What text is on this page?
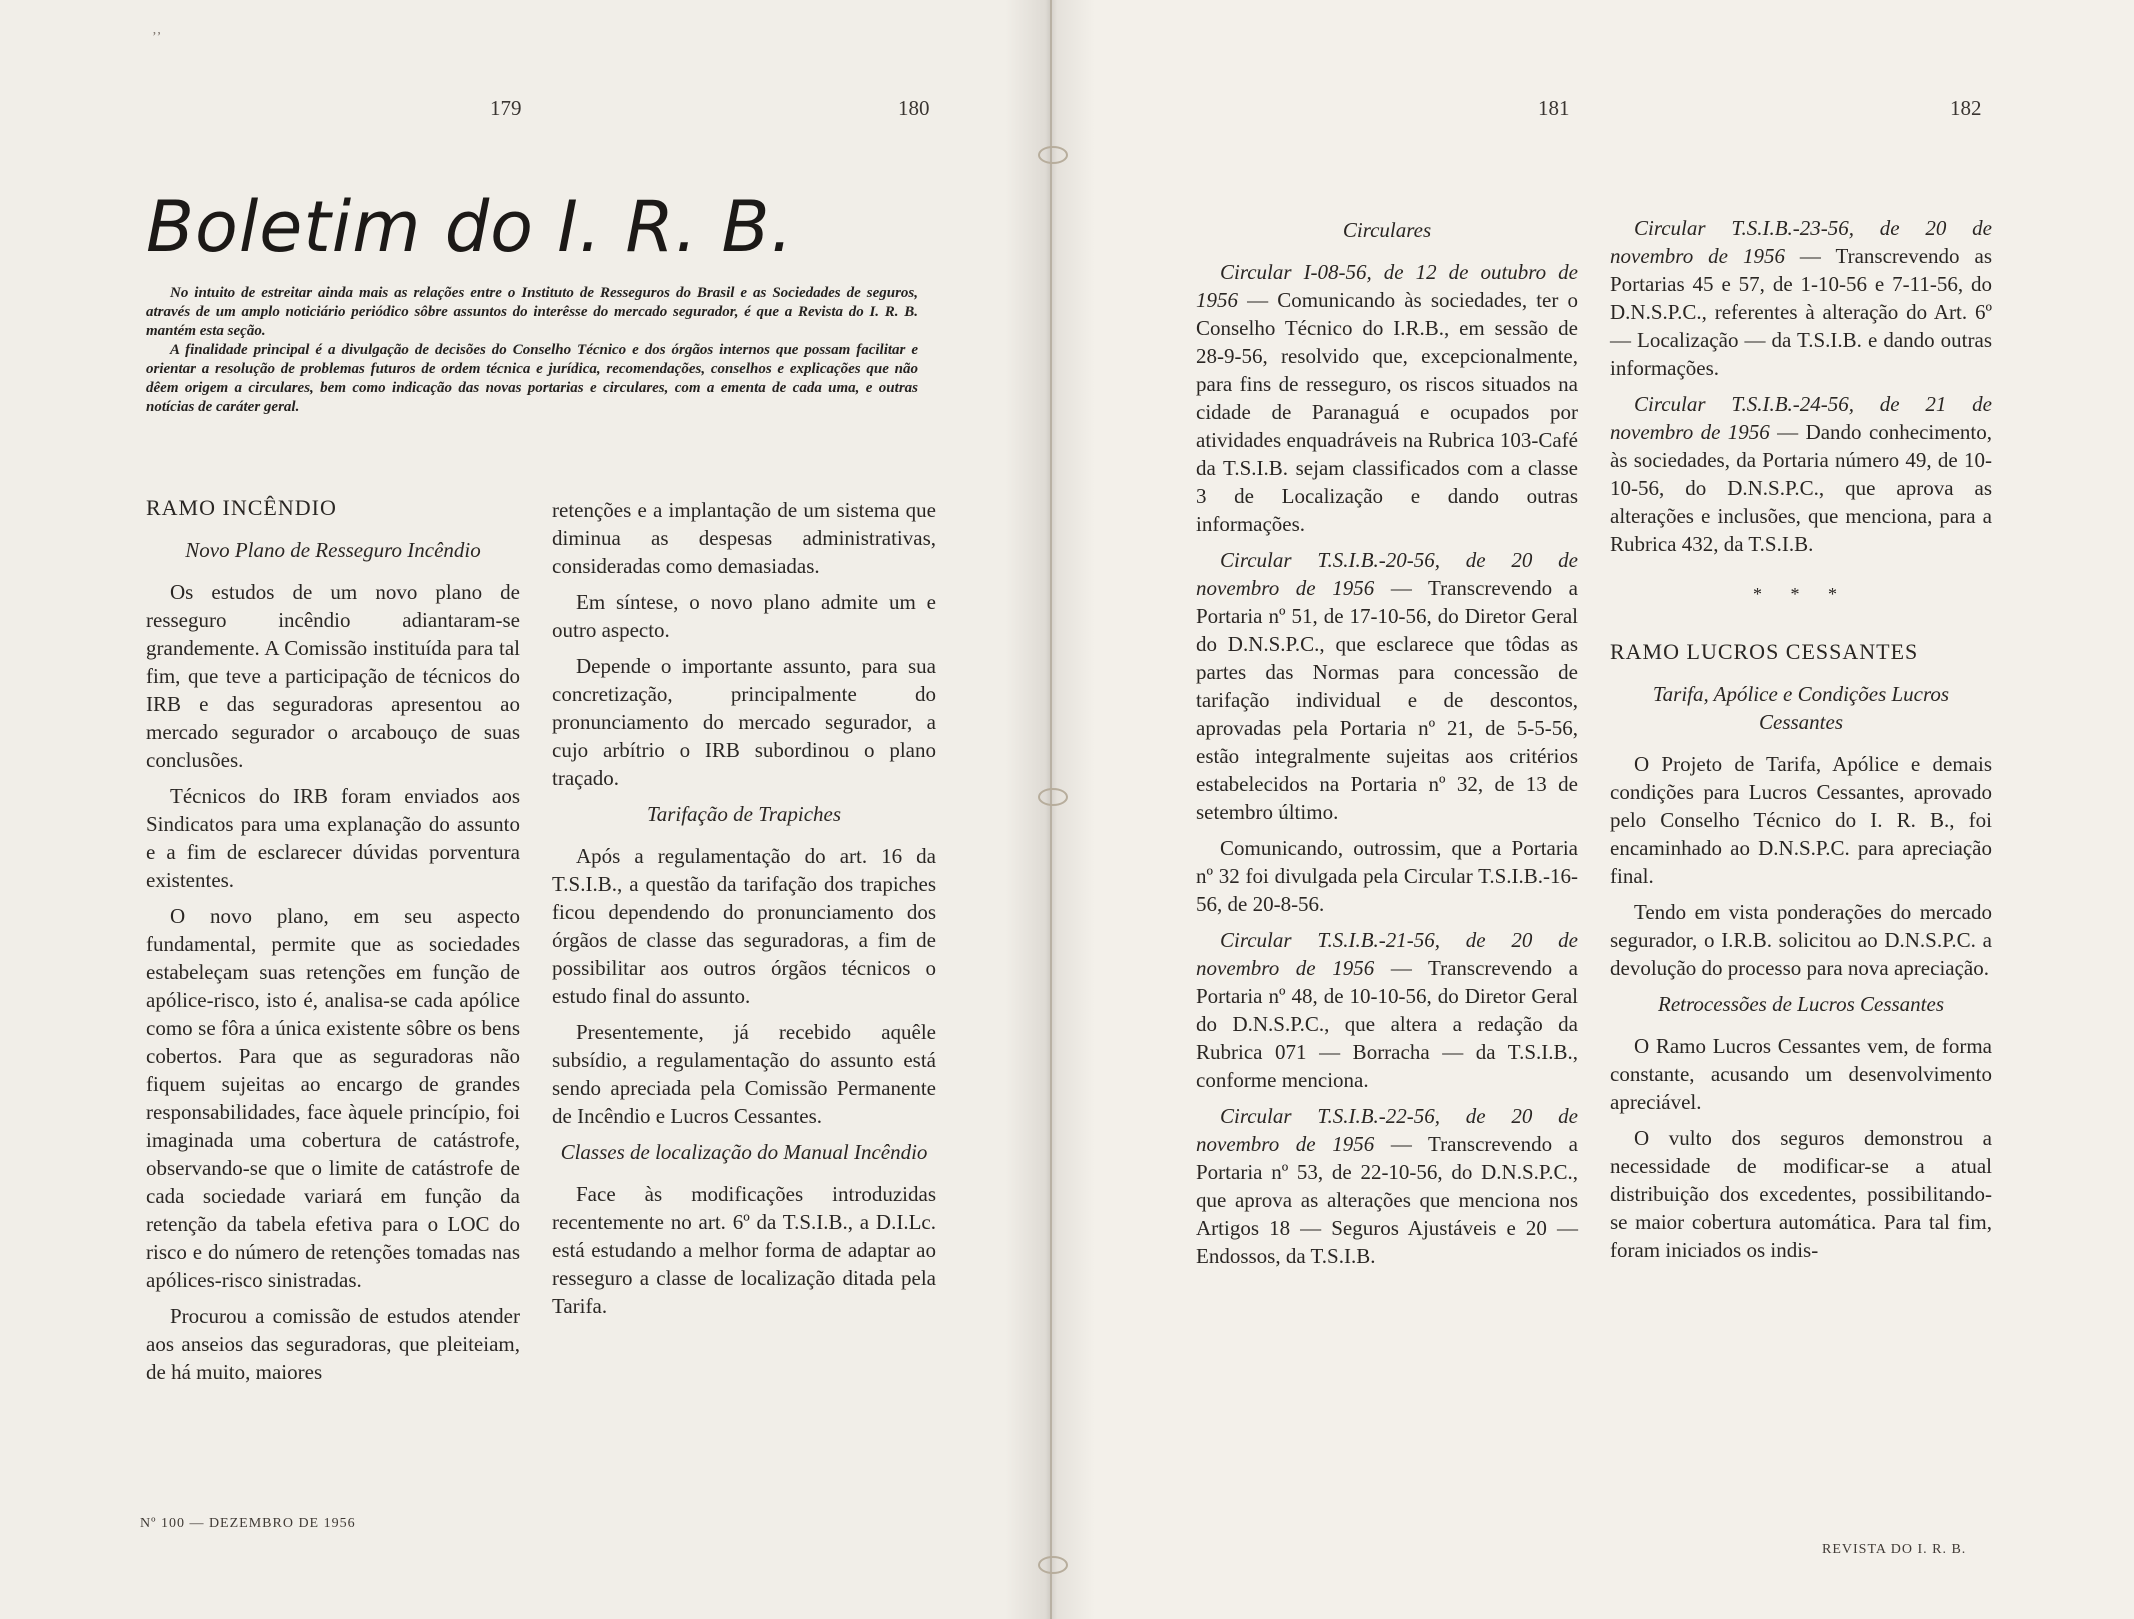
ʼʼ
179	180	181	182
Boletim do I. R. B.

No intuito de estreitar ainda mais as relações entre o Instituto de Resseguros do Brasil e as Sociedades de seguros, através de um amplo noticiário periódico sôbre assuntos do interêsse do mercado segurador, é que a Revista do I. R. B. mantém esta seção.

A finalidade principal é a divulgação de decisões do Conselho Técnico e dos órgãos internos que possam facilitar e orientar a resolução de problemas futuros de ordem técnica e jurídica, recomendações, conselhos e explicações que não dêem origem a circulares, bem como indicação das novas portarias e circulares, com a ementa de cada uma, e outras notícias de caráter geral.

RAMO INCÊNDIO
Novo Plano de Resseguro Incêndio

Os estudos de um novo plano de resseguro incêndio adiantaram-se grandemente. A Comissão instituída para tal fim, que teve a participação de técnicos do IRB e das seguradoras apresentou ao mercado segurador o arcabouço de suas conclusões.

Técnicos do IRB foram enviados aos Sindicatos para uma explanação do assunto e a fim de esclarecer dúvidas porventura existentes.

O novo plano, em seu aspecto fundamental, permite que as sociedades estabeleçam suas retenções em função de apólice-risco, isto é, analisa-se cada apólice como se fôra a única existente sôbre os bens cobertos. Para que as seguradoras não fiquem sujeitas ao encargo de grandes responsabilidades, face àquele princípio, foi imaginada uma cobertura de catástrofe, observando-se que o limite de catástrofe de cada sociedade variará em função da retenção da tabela efetiva para o LOC do risco e do número de retenções tomadas nas apólices-risco sinistradas.

Procurou a comissão de estudos atender aos anseios das seguradoras, que pleiteiam, de há muito, maiores

retenções e a implantação de um sistema que diminua as despesas administrativas, consideradas como demasiadas.

Em síntese, o novo plano admite um e outro aspecto.

Depende o importante assunto, para sua concretização, principalmente do pronunciamento do mercado segurador, a cujo arbítrio o IRB subordinou o plano traçado.

Tarifação de Trapiches

Após a regulamentação do art. 16 da T.S.I.B., a questão da tarifação dos trapiches ficou dependendo do pronunciamento dos órgãos de classe das seguradoras, a fim de possibilitar aos outros órgãos técnicos o estudo final do assunto.

Presentemente, já recebido aquêle subsídio, a regulamentação do assunto está sendo apreciada pela Comissão Permanente de Incêndio e Lucros Cessantes.

Classes de localização do Manual Incêndio

Face às modificações introduzidas recentemente no art. 6º da T.S.I.B., a D.I.Lc. está estudando a melhor forma de adaptar ao resseguro a classe de localização ditada pela Tarifa.

Circulares

Circular I-08-56, de 12 de outubro de 1956 — Comunicando às sociedades, ter o Conselho Técnico do I.R.B., em sessão de 28-9-56, resolvido que, excepcionalmente, para fins de resseguro, os riscos situados na cidade de Paranaguá e ocupados por atividades enquadráveis na Rubrica 103-Café da T.S.I.B. sejam classificados com a classe 3 de Localização e dando outras informações.

Circular T.S.I.B.-20-56, de 20 de novembro de 1956 — Transcrevendo a Portaria nº 51, de 17-10-56, do Diretor Geral do D.N.S.P.C., que esclarece que tôdas as partes das Normas para concessão de tarifação individual e de descontos, aprovadas pela Portaria nº 21, de 5-5-56, estão integralmente sujeitas aos critérios estabelecidos na Portaria nº 32, de 13 de setembro último.

Comunicando, outrossim, que a Portaria nº 32 foi divulgada pela Circular T.S.I.B.-16-56, de 20-8-56.

Circular T.S.I.B.-21-56, de 20 de novembro de 1956 — Transcrevendo a Portaria nº 48, de 10-10-56, do Diretor Geral do D.N.S.P.C., que altera a redação da Rubrica 071 — Borracha — da T.S.I.B., conforme menciona.

Circular T.S.I.B.-22-56, de 20 de novembro de 1956 — Transcrevendo a Portaria nº 53, de 22-10-56, do D.N.S.P.C., que aprova as alterações que menciona nos Artigos 18 — Seguros Ajustáveis e 20 — Endossos, da T.S.I.B.

Circular T.S.I.B.-23-56, de 20 de novembro de 1956 — Transcrevendo as Portarias 45 e 57, de 1-10-56 e 7-11-56, do D.N.S.P.C., referentes à alteração do Art. 6º — Localização — da T.S.I.B. e dando outras informações.

Circular T.S.I.B.-24-56, de 21 de novembro de 1956 — Dando conhecimento, às sociedades, da Portaria número 49, de 10-10-56, do D.N.S.P.C., que aprova as alterações e inclusões, que menciona, para a Rubrica 432, da T.S.I.B.

* * *
RAMO LUCROS CESSANTES
Tarifa, Apólice e Condições Lucros Cessantes

O Projeto de Tarifa, Apólice e demais condições para Lucros Cessantes, aprovado pelo Conselho Técnico do I. R. B., foi encaminhado ao D.N.S.P.C. para apreciação final.

Tendo em vista ponderações do mercado segurador, o I.R.B. solicitou ao D.N.S.P.C. a devolução do processo para nova apreciação.

Retrocessões de Lucros Cessantes

O Ramo Lucros Cessantes vem, de forma constante, acusando um desenvolvimento apreciável.

O vulto dos seguros demonstrou a necessidade de modificar-se a atual distribuição dos excedentes, possibilitando-se maior cobertura automática. Para tal fim, foram iniciados os indis-

Nº 100 — DEZEMBRO DE 1956
REVISTA DO I. R. B.
